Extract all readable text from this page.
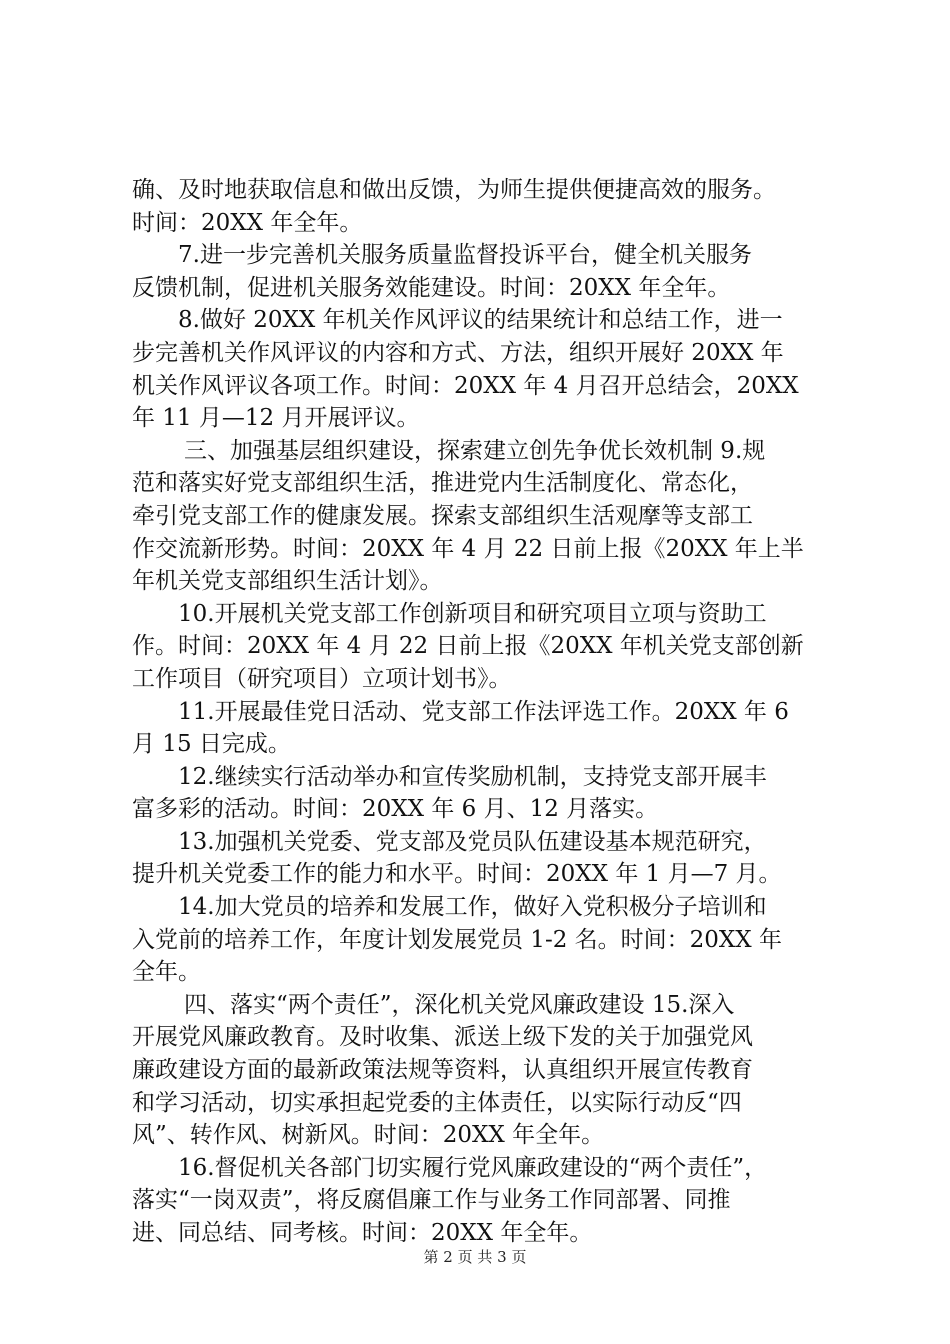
确、及时地获取信息和做出反馈，为师生提供便捷高效的服务。
时间：20XX 年全年。
7.进一步完善机关服务质量监督投诉平台，健全机关服务
反馈机制，促进机关服务效能建设。时间：20XX 年全年。
8.做好 20XX 年机关作风评议的结果统计和总结工作，进一
步完善机关作风评议的内容和方式、方法，组织开展好 20XX 年
机关作风评议各项工作。时间：20XX 年 4 月召开总结会，20XX
年 11 月—12 月开展评议。
三、加强基层组织建设，探索建立创先争优长效机制 9.规
范和落实好党支部组织生活，推进党内生活制度化、常态化，
牵引党支部工作的健康发展。探索支部组织生活观摩等支部工
作交流新形势。时间：20XX 年 4 月 22 日前上报《20XX 年上半
年机关党支部组织生活计划》。
10.开展机关党支部工作创新项目和研究项目立项与资助工
作。时间：20XX 年 4 月 22 日前上报《20XX 年机关党支部创新
工作项目（研究项目）立项计划书》。
11.开展最佳党日活动、党支部工作法评选工作。20XX 年 6
月 15 日完成。
12.继续实行活动举办和宣传奖励机制，支持党支部开展丰
富多彩的活动。时间：20XX 年 6 月、12 月落实。
13.加强机关党委、党支部及党员队伍建设基本规范研究，
提升机关党委工作的能力和水平。时间：20XX 年 1 月—7 月。
14.加大党员的培养和发展工作，做好入党积极分子培训和
入党前的培养工作，年度计划发展党员 1-2 名。时间：20XX 年
全年。
四、落实“两个责任”，深化机关党风廉政建设 15.深入
开展党风廉政教育。及时收集、派送上级下发的关于加强党风
廉政建设方面的最新政策法规等资料，认真组织开展宣传教育
和学习活动，切实承担起党委的主体责任，以实际行动反“四
风”、转作风、树新风。时间：20XX 年全年。
16.督促机关各部门切实履行党风廉政建设的“两个责任”，
落实“一岗双责”，将反腐倡廉工作与业务工作同部署、同推
进、同总结、同考核。时间：20XX 年全年。
第 2 页 共 3 页
